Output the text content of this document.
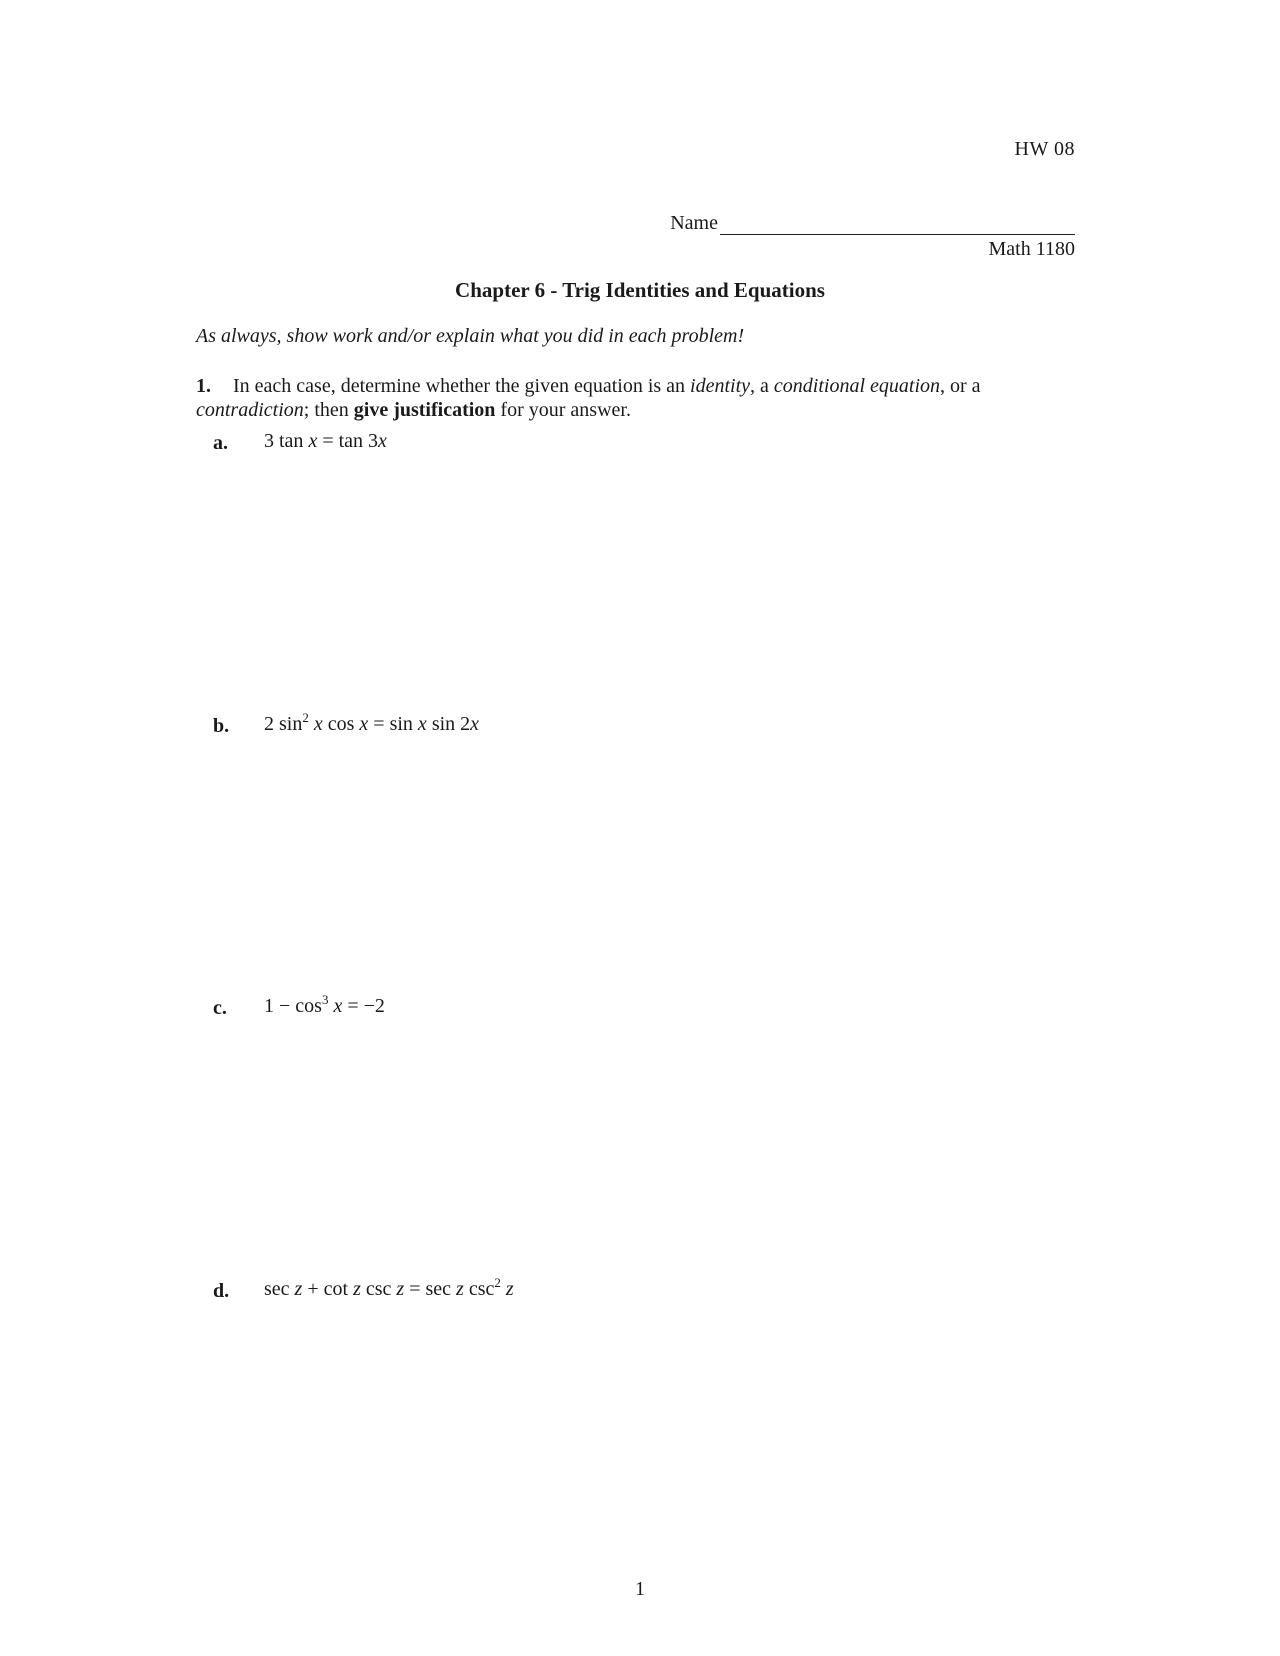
HW 08
Name
Math 1180
Chapter 6 - Trig Identities and Equations
As always, show work and/or explain what you did in each problem!
1. In each case, determine whether the given equation is an identity, a conditional equation, or a contradiction; then give justification for your answer.
a. 3 tan x = tan 3x
b. 2 $\sin^2 x$ cos x = sin x sin 2x
c. $1 - \cos^3 x = -2$
d. sec z + cot z csc z = sec z $\csc^2 z$
1
